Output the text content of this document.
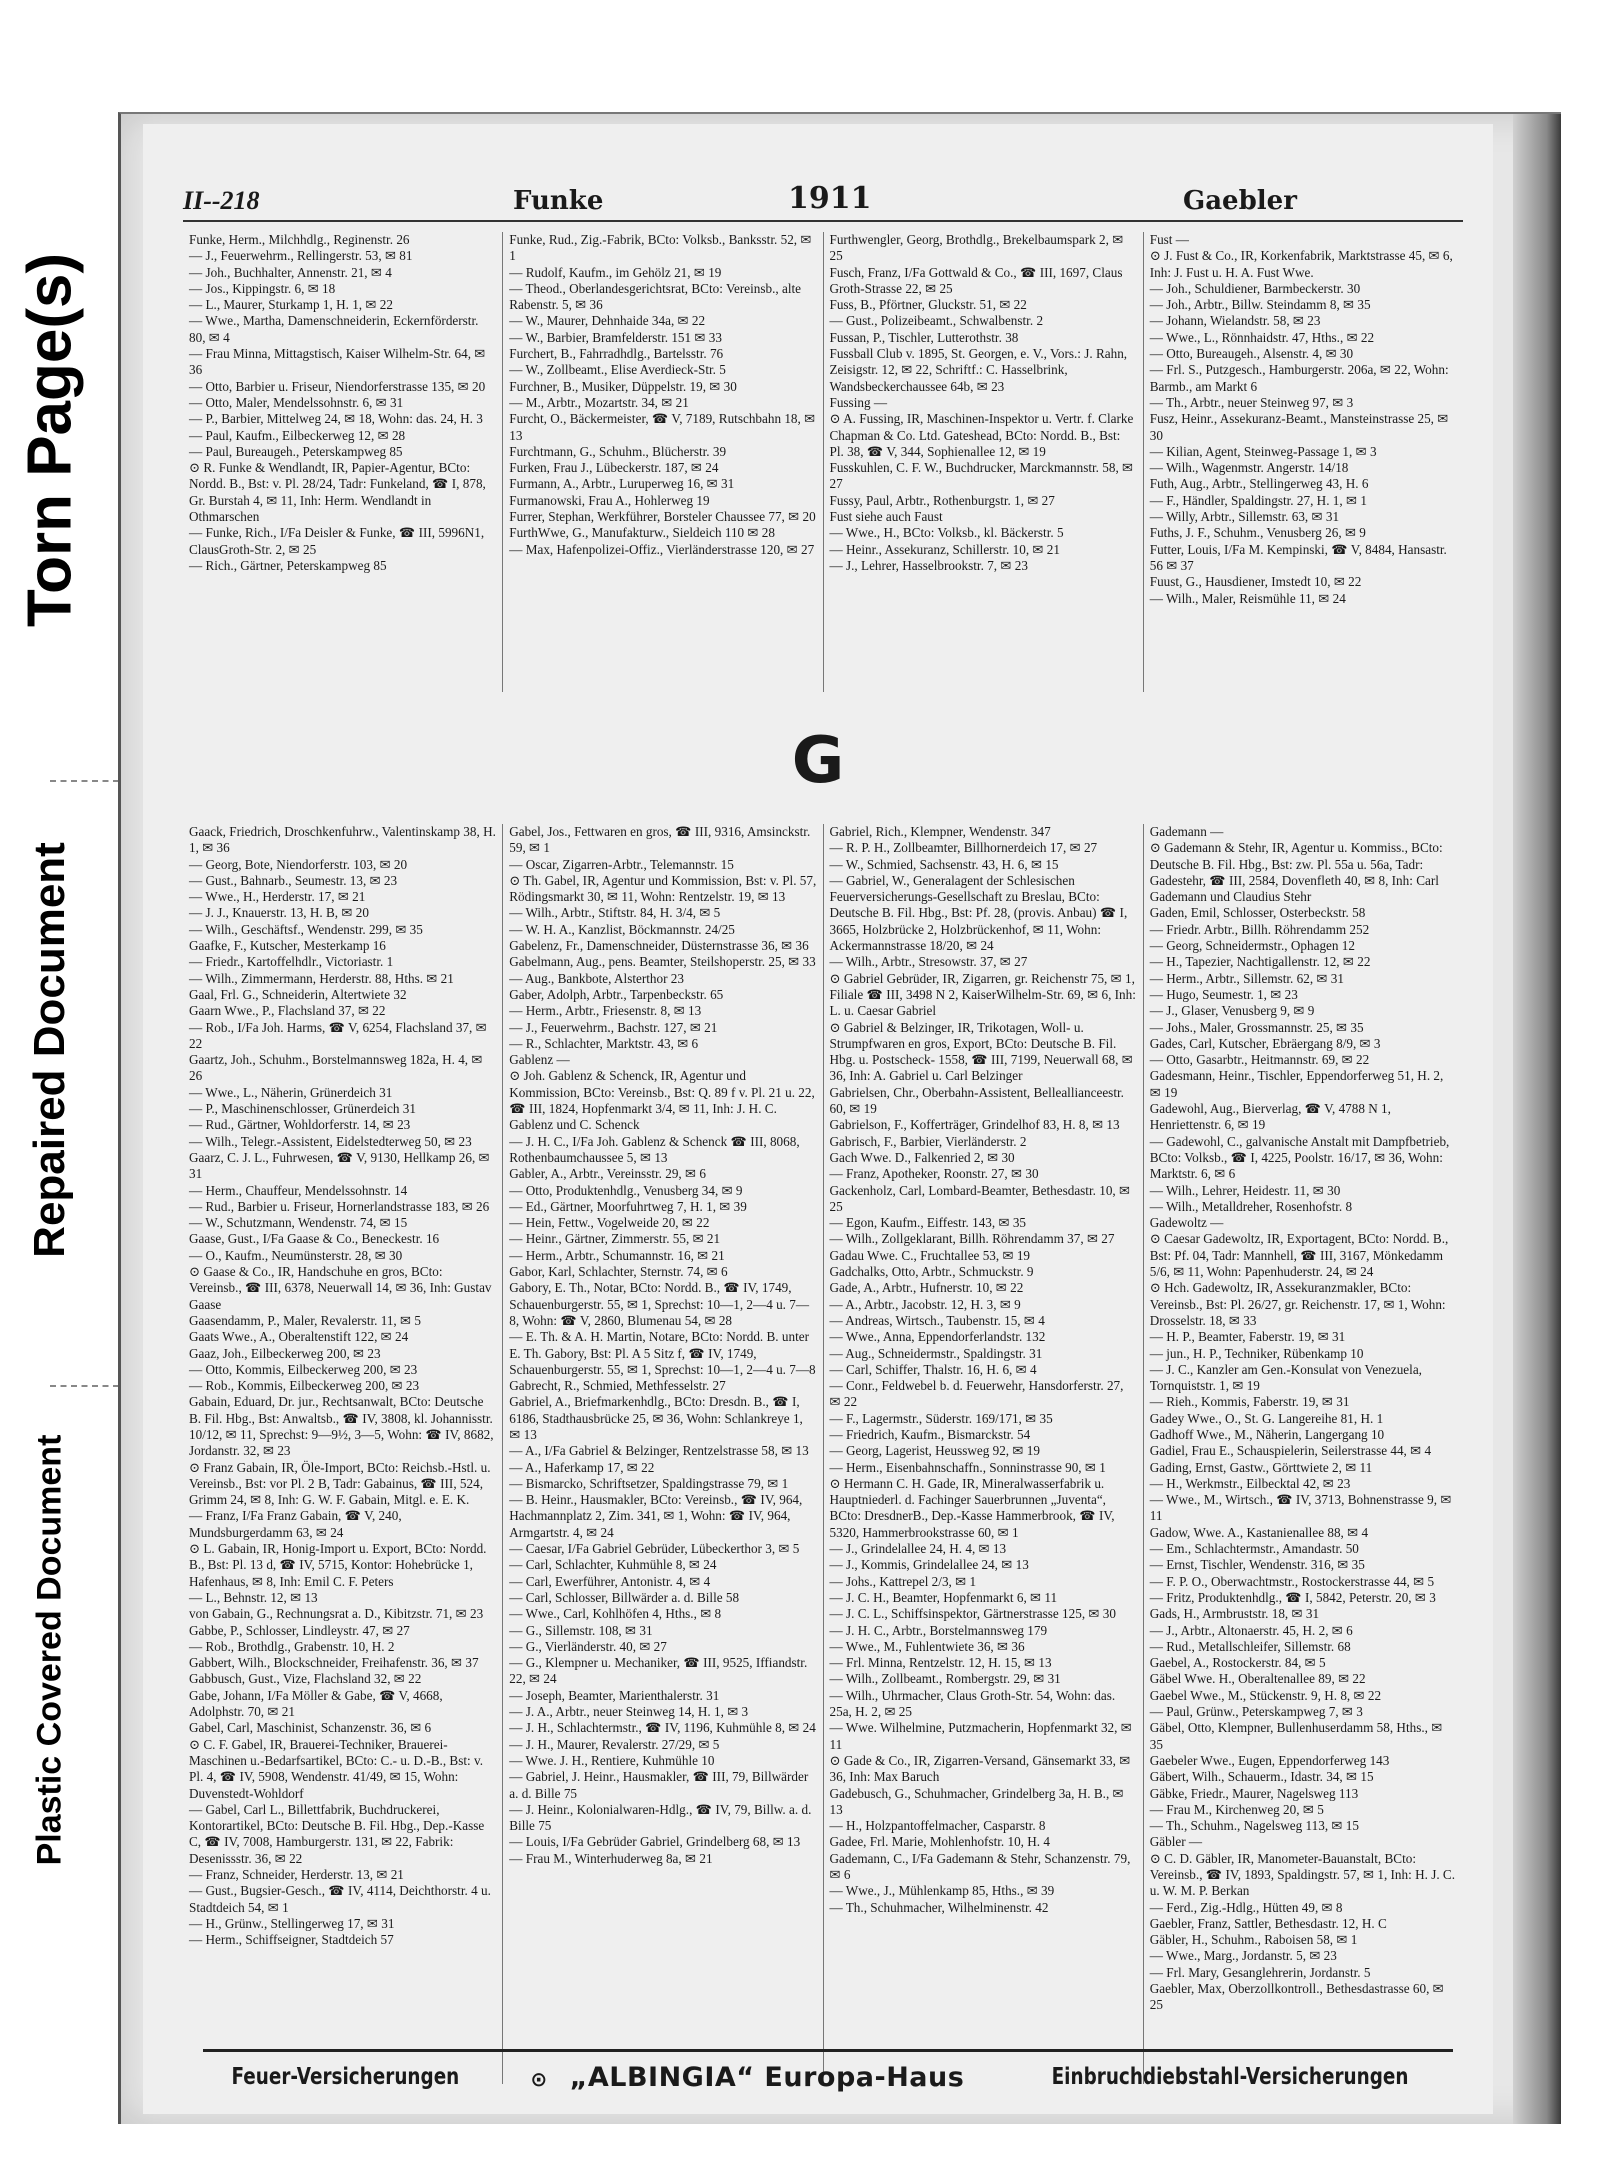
Torn Page(s)
Repaired Document
Plastic Covered Document
II--218	Funke	1911	Gaebler

Funke, Herm., Milchhdlg., Reginenstr. 26

— J., Feuerwehrm., Rellingerstr. 53, ✉ 81

— Joh., Buchhalter, Annenstr. 21, ✉ 4

— Jos., Kippingstr. 6, ✉ 18

— L., Maurer, Sturkamp 1, H. 1, ✉ 22

— Wwe., Martha, Damenschneiderin, Eckernförderstr. 80, ✉ 4

— Frau Minna, Mittagstisch, Kaiser Wilhelm-Str. 64, ✉ 36

— Otto, Barbier u. Friseur, Niendorferstrasse 135, ✉ 20

— Otto, Maler, Mendelssohnstr. 6, ✉ 31

— P., Barbier, Mittelweg 24, ✉ 18, Wohn: das. 24, H. 3

— Paul, Kaufm., Eilbeckerweg 12, ✉ 28

— Paul, Bureaugeh., Peterskampweg 85

⊙ R. Funke & Wendlandt, IR, Papier-Agentur, BCto: Nordd. B., Bst: v. Pl. 28/24, Tadr: Funkeland, ☎ I, 878, Gr. Burstah 4, ✉ 11, Inh: Herm. Wendlandt in Othmarschen

— Funke, Rich., I/Fa Deisler & Funke, ☎ III, 5996N1, ClausGroth-Str. 2, ✉ 25

— Rich., Gärtner, Peterskampweg 85

Funke, Rud., Zig.-Fabrik, BCto: Volksb., Banksstr. 52, ✉ 1

— Rudolf, Kaufm., im Gehölz 21, ✉ 19

— Theod., Oberlandesgerichtsrat, BCto: Vereinsb., alte Rabenstr. 5, ✉ 36

— W., Maurer, Dehnhaide 34a, ✉ 22

— W., Barbier, Bramfelderstr. 151 ✉ 33

Furchert, B., Fahrradhdlg., Bartelsstr. 76

— W., Zollbeamt., Elise Averdieck-Str. 5

Furchner, B., Musiker, Düppelstr. 19, ✉ 30

— M., Arbtr., Mozartstr. 34, ✉ 21

Furcht, O., Bäckermeister, ☎ V, 7189, Rutschbahn 18, ✉ 13

Furchtmann, G., Schuhm., Blücherstr. 39

Furken, Frau J., Lübeckerstr. 187, ✉ 24

Furmann, A., Arbtr., Luruperweg 16, ✉ 31

Furmanowski, Frau A., Hohlerweg 19

Furrer, Stephan, Werkführer, Borsteler Chaussee 77, ✉ 20

FurthWwe, G., Manufakturw., Sieldeich 110 ✉ 28

— Max, Hafenpolizei-Offiz., Vierländerstrasse 120, ✉ 27

Furthwengler, Georg, Brothdlg., Brekelbaumspark 2, ✉ 25

Fusch, Franz, I/Fa Gottwald & Co., ☎ III, 1697, Claus Groth-Strasse 22, ✉ 25

Fuss, B., Pförtner, Gluckstr. 51, ✉ 22

— Gust., Polizeibeamt., Schwalbenstr. 2

Fussan, P., Tischler, Lutterothstr. 38

Fussball Club v. 1895, St. Georgen, e. V., Vors.: J. Rahn, Zeisigstr. 12, ✉ 22, Schriftf.: C. Hasselbrink, Wandsbeckerchaussee 64b, ✉ 23

Fussing —

⊙ A. Fussing, IR, Maschinen-Inspektor u. Vertr. f. Clarke Chapman & Co. Ltd. Gateshead, BCto: Nordd. B., Bst: Pl. 38, ☎ V, 344, Sophienallee 12, ✉ 19

Fusskuhlen, C. F. W., Buchdrucker, Marckmannstr. 58, ✉ 27

Fussy, Paul, Arbtr., Rothenburgstr. 1, ✉ 27

Fust siehe auch Faust

— Wwe., H., BCto: Volksb., kl. Bäckerstr. 5

— Heinr., Assekuranz, Schillerstr. 10, ✉ 21

— J., Lehrer, Hasselbrookstr. 7, ✉ 23

Fust —

⊙ J. Fust & Co., IR, Korkenfabrik, Marktstrasse 45, ✉ 6, Inh: J. Fust u. H. A. Fust Wwe.

— Joh., Schuldiener, Barmbeckerstr. 30

— Joh., Arbtr., Billw. Steindamm 8, ✉ 35

— Johann, Wielandstr. 58, ✉ 23

— Wwe., L., Rönnhaidstr. 47, Hths., ✉ 22

— Otto, Bureaugeh., Alsenstr. 4, ✉ 30

— Frl. S., Putzgesch., Hamburgerstr. 206a, ✉ 22, Wohn: Barmb., am Markt 6

— Th., Arbtr., neuer Steinweg 97, ✉ 3

Fusz, Heinr., Assekuranz-Beamt., Mansteinstrasse 25, ✉ 30

— Kilian, Agent, Steinweg-Passage 1, ✉ 3

— Wilh., Wagenmstr. Angerstr. 14/18

Futh, Aug., Arbtr., Stellingerweg 43, H. 6

— F., Händler, Spaldingstr. 27, H. 1, ✉ 1

— Willy, Arbtr., Sillemstr. 63, ✉ 31

Fuths, J. F., Schuhm., Venusberg 26, ✉ 9

Futter, Louis, I/Fa M. Kempinski, ☎ V, 8484, Hansastr. 56 ✉ 37

Fuust, G., Hausdiener, Imstedt 10, ✉ 22

— Wilh., Maler, Reismühle 11, ✉ 24

G

Gaack, Friedrich, Droschkenfuhrw., Valentinskamp 38, H. 1, ✉ 36

— Georg, Bote, Niendorferstr. 103, ✉ 20

— Gust., Bahnarb., Seumestr. 13, ✉ 23

— Wwe., H., Herderstr. 17, ✉ 21

— J. J., Knauerstr. 13, H. B, ✉ 20

— Wilh., Geschäftsf., Wendenstr. 299, ✉ 35

Gaafke, F., Kutscher, Mesterkamp 16

— Friedr., Kartoffelhdlr., Victoriastr. 1

— Wilh., Zimmermann, Herderstr. 88, Hths. ✉ 21

Gaal, Frl. G., Schneiderin, Altertwiete 32

Gaarn Wwe., P., Flachsland 37, ✉ 22

— Rob., I/Fa Joh. Harms, ☎ V, 6254, Flachsland 37, ✉ 22

Gaartz, Joh., Schuhm., Borstelmannsweg 182a, H. 4, ✉ 26

— Wwe., L., Näherin, Grünerdeich 31

— P., Maschinenschlosser, Grünerdeich 31

— Rud., Gärtner, Wohldorferstr. 14, ✉ 23

— Wilh., Telegr.-Assistent, Eidelstedterweg 50, ✉ 23

Gaarz, C. J. L., Fuhrwesen, ☎ V, 9130, Hellkamp 26, ✉ 31

— Herm., Chauffeur, Mendelssohnstr. 14

— Rud., Barbier u. Friseur, Hornerlandstrasse 183, ✉ 26

— W., Schutzmann, Wendenstr. 74, ✉ 15

Gaase, Gust., I/Fa Gaase & Co., Beneckestr. 16

— O., Kaufm., Neumünsterstr. 28, ✉ 30

⊙ Gaase & Co., IR, Handschuhe en gros, BCto: Vereinsb., ☎ III, 6378, Neuerwall 14, ✉ 36, Inh: Gustav Gaase

Gaasendamm, P., Maler, Revalerstr. 11, ✉ 5

Gaats Wwe., A., Oberaltenstift 122, ✉ 24

Gaaz, Joh., Eilbeckerweg 200, ✉ 23

— Otto, Kommis, Eilbeckerweg 200, ✉ 23

— Rob., Kommis, Eilbeckerweg 200, ✉ 23

Gabain, Eduard, Dr. jur., Rechtsanwalt, BCto: Deutsche B. Fil. Hbg., Bst: Anwaltsb., ☎ IV, 3808, kl. Johannisstr. 10/12, ✉ 11, Sprechst: 9—9½, 3—5, Wohn: ☎ IV, 8682, Jordanstr. 32, ✉ 23

⊙ Franz Gabain, IR, Öle-Import, BCto: Reichsb.-Hstl. u. Vereinsb., Bst: vor Pl. 2 B, Tadr: Gabainus, ☎ III, 524, Grimm 24, ✉ 8, Inh: G. W. F. Gabain, Mitgl. e. E. K.

— Franz, I/Fa Franz Gabain, ☎ V, 240, Mundsburgerdamm 63, ✉ 24

⊙ L. Gabain, IR, Honig-Import u. Export, BCto: Nordd. B., Bst: Pl. 13 d, ☎ IV, 5715, Kontor: Hohebrücke 1, Hafenhaus, ✉ 8, Inh: Emil C. F. Peters

— L., Behnstr. 12, ✉ 13

von Gabain, G., Rechnungsrat a. D., Kibitzstr. 71, ✉ 23

Gabbe, P., Schlosser, Lindleystr. 47, ✉ 27

— Rob., Brothdlg., Grabenstr. 10, H. 2

Gabbert, Wilh., Blockschneider, Freihafenstr. 36, ✉ 37

Gabbusch, Gust., Vize, Flachsland 32, ✉ 22

Gabe, Johann, I/Fa Möller & Gabe, ☎ V, 4668, Adolphstr. 70, ✉ 21

Gabel, Carl, Maschinist, Schanzenstr. 36, ✉ 6

⊙ C. F. Gabel, IR, Brauerei-Techniker, Brauerei-Maschinen u.-Bedarfsartikel, BCto: C.- u. D.-B., Bst: v. Pl. 4, ☎ IV, 5908, Wendenstr. 41/49, ✉ 15, Wohn: Duvenstedt-Wohldorf

— Gabel, Carl L., Billettfabrik, Buchdruckerei, Kontorartikel, BCto: Deutsche B. Fil. Hbg., Dep.-Kasse C, ☎ IV, 7008, Hamburgerstr. 131, ✉ 22, Fabrik: Desenissstr. 36, ✉ 22

— Franz, Schneider, Herderstr. 13, ✉ 21

— Gust., Bugsier-Gesch., ☎ IV, 4114, Deichthorstr. 4 u. Stadtdeich 54, ✉ 1

— H., Grünw., Stellingerweg 17, ✉ 31

— Herm., Schiffseigner, Stadtdeich 57

Gabel, Jos., Fettwaren en gros, ☎ III, 9316, Amsinckstr. 59, ✉ 1

— Oscar, Zigarren-Arbtr., Telemannstr. 15

⊙ Th. Gabel, IR, Agentur und Kommission, Bst: v. Pl. 57, Rödingsmarkt 30, ✉ 11, Wohn: Rentzelstr. 19, ✉ 13

— Wilh., Arbtr., Stiftstr. 84, H. 3/4, ✉ 5

— W. H. A., Kanzlist, Böckmannstr. 24/25

Gabelenz, Fr., Damenschneider, Düsternstrasse 36, ✉ 36

Gabelmann, Aug., pens. Beamter, Steilshoperstr. 25, ✉ 33

— Aug., Bankbote, Alsterthor 23

Gaber, Adolph, Arbtr., Tarpenbeckstr. 65

— Herm., Arbtr., Friesenstr. 8, ✉ 13

— J., Feuerwehrm., Bachstr. 127, ✉ 21

— R., Schlachter, Marktstr. 43, ✉ 6

Gablenz —

⊙ Joh. Gablenz & Schenck, IR, Agentur und Kommission, BCto: Vereinsb., Bst: Q. 89 f v. Pl. 21 u. 22, ☎ III, 1824, Hopfenmarkt 3/4, ✉ 11, Inh: J. H. C. Gablenz und C. Schenck

— J. H. C., I/Fa Joh. Gablenz & Schenck ☎ III, 8068, Rothenbaumchaussee 5, ✉ 13

Gabler, A., Arbtr., Vereinsstr. 29, ✉ 6

— Otto, Produktenhdlg., Venusberg 34, ✉ 9

— Ed., Gärtner, Moorfuhrtweg 7, H. 1, ✉ 39

— Hein, Fettw., Vogelweide 20, ✉ 22

— Heinr., Gärtner, Zimmerstr. 55, ✉ 21

— Herm., Arbtr., Schumannstr. 16, ✉ 21

Gabor, Karl, Schlachter, Sternstr. 74, ✉ 6

Gabory, E. Th., Notar, BCto: Nordd. B., ☎ IV, 1749, Schauenburgerstr. 55, ✉ 1, Sprechst: 10—1, 2—4 u. 7—8, Wohn: ☎ V, 2860, Blumenau 54, ✉ 28

— E. Th. & A. H. Martin, Notare, BCto: Nordd. B. unter E. Th. Gabory, Bst: Pl. A 5 Sitz f, ☎ IV, 1749, Schauenburgerstr. 55, ✉ 1, Sprechst: 10—1, 2—4 u. 7—8

Gabrecht, R., Schmied, Methfesselstr. 27

Gabriel, A., Briefmarkenhdlg., BCto: Dresdn. B., ☎ I, 6186, Stadthausbrücke 25, ✉ 36, Wohn: Schlankreye 1, ✉ 13

— A., I/Fa Gabriel & Belzinger, Rentzelstrasse 58, ✉ 13

— A., Haferkamp 17, ✉ 22

— Bismarcko, Schriftsetzer, Spaldingstrasse 79, ✉ 1

— B. Heinr., Hausmakler, BCto: Vereinsb., ☎ IV, 964, Hachmannplatz 2, Zim. 341, ✉ 1, Wohn: ☎ IV, 964, Armgartstr. 4, ✉ 24

— Caesar, I/Fa Gabriel Gebrüder, Lübeckerthor 3, ✉ 5

— Carl, Schlachter, Kuhmühle 8, ✉ 24

— Carl, Ewerführer, Antonistr. 4, ✉ 4

— Carl, Schlosser, Billwärder a. d. Bille 58

— Wwe., Carl, Kohlhöfen 4, Hths., ✉ 8

— G., Sillemstr. 108, ✉ 31

— G., Vierländerstr. 40, ✉ 27

— G., Klempner u. Mechaniker, ☎ III, 9525, Iffiandstr. 22, ✉ 24

— Joseph, Beamter, Marienthalerstr. 31

— J. A., Arbtr., neuer Steinweg 14, H. 1, ✉ 3

— J. H., Schlachtermstr., ☎ IV, 1196, Kuhmühle 8, ✉ 24

— J. H., Maurer, Revalerstr. 27/29, ✉ 5

— Wwe. J. H., Rentiere, Kuhmühle 10

— Gabriel, J. Heinr., Hausmakler, ☎ III, 79, Billwärder a. d. Bille 75

— J. Heinr., Kolonialwaren-Hdlg., ☎ IV, 79, Billw. a. d. Bille 75

— Louis, I/Fa Gebrüder Gabriel, Grindelberg 68, ✉ 13

— Frau M., Winterhuderweg 8a, ✉ 21

Gabriel, Rich., Klempner, Wendenstr. 347

— R. P. H., Zollbeamter, Billhornerdeich 17, ✉ 27

— W., Schmied, Sachsenstr. 43, H. 6, ✉ 15

— Gabriel, W., Generalagent der Schlesischen Feuerversicherungs-Gesellschaft zu Breslau, BCto: Deutsche B. Fil. Hbg., Bst: Pf. 28, (provis. Anbau) ☎ I, 3665, Holzbrücke 2, Holzbrückenhof, ✉ 11, Wohn: Ackermannstrasse 18/20, ✉ 24

— Wilh., Arbtr., Stresowstr. 37, ✉ 27

⊙ Gabriel Gebrüder, IR, Zigarren, gr. Reichenstr 75, ✉ 1, Filiale ☎ III, 3498 N 2, KaiserWilhelm-Str. 69, ✉ 6, Inh: L. u. Caesar Gabriel

⊙ Gabriel & Belzinger, IR, Trikotagen, Woll- u. Strumpfwaren en gros, Export, BCto: Deutsche B. Fil. Hbg. u. Postscheck- 1558, ☎ III, 7199, Neuerwall 68, ✉ 36, Inh: A. Gabriel u. Carl Belzinger

Gabrielsen, Chr., Oberbahn-Assistent, Belleallianceestr. 60, ✉ 19

Gabrielson, F., Kofferträger, Grindelhof 83, H. 8, ✉ 13

Gabrisch, F., Barbier, Vierländerstr. 2

Gach Wwe. D., Falkenried 2, ✉ 30

— Franz, Apotheker, Roonstr. 27, ✉ 30

Gackenholz, Carl, Lombard-Beamter, Bethesdastr. 10, ✉ 25

— Egon, Kaufm., Eiffestr. 143, ✉ 35

— Wilh., Zollgeklarant, Billh. Röhrendamm 37, ✉ 27

Gadau Wwe. C., Fruchtallee 53, ✉ 19

Gadchalks, Otto, Arbtr., Schmuckstr. 9

Gade, A., Arbtr., Hufnerstr. 10, ✉ 22

— A., Arbtr., Jacobstr. 12, H. 3, ✉ 9

— Andreas, Wirtsch., Taubenstr. 15, ✉ 4

— Wwe., Anna, Eppendorferlandstr. 132

— Aug., Schneidermstr., Spaldingstr. 31

— Carl, Schiffer, Thalstr. 16, H. 6, ✉ 4

— Conr., Feldwebel b. d. Feuerwehr, Hansdorferstr. 27, ✉ 22

— F., Lagermstr., Süderstr. 169/171, ✉ 35

— Friedrich, Kaufm., Bismarckstr. 54

— Georg, Lagerist, Heussweg 92, ✉ 19

— Herm., Eisenbahnschaffn., Sonninstrasse 90, ✉ 1

⊙ Hermann C. H. Gade, IR, Mineralwasserfabrik u. Hauptniederl. d. Fachinger Sauerbrunnen „Juventa“, BCto: DresdnerB., Dep.-Kasse Hammerbrook, ☎ IV, 5320, Hammerbrookstrasse 60, ✉ 1

— J., Grindelallee 24, H. 4, ✉ 13

— J., Kommis, Grindelallee 24, ✉ 13

— Johs., Kattrepel 2/3, ✉ 1

— J. C. H., Beamter, Hopfenmarkt 6, ✉ 11

— J. C. L., Schiffsinspektor, Gärtnerstrasse 125, ✉ 30

— J. H. C., Arbtr., Borstelmannsweg 179

— Wwe., M., Fuhlentwiete 36, ✉ 36

— Frl. Minna, Rentzelstr. 12, H. 15, ✉ 13

— Wilh., Zollbeamt., Rombergstr. 29, ✉ 31

— Wilh., Uhrmacher, Claus Groth-Str. 54, Wohn: das. 25a, H. 2, ✉ 25

— Wwe. Wilhelmine, Putzmacherin, Hopfenmarkt 32, ✉ 11

⊙ Gade & Co., IR, Zigarren-Versand, Gänsemarkt 33, ✉ 36, Inh: Max Baruch

Gadebusch, G., Schuhmacher, Grindelberg 3a, H. B., ✉ 13

— H., Holzpantoffelmacher, Casparstr. 8

Gadee, Frl. Marie, Mohlenhofstr. 10, H. 4

Gademann, C., I/Fa Gademann & Stehr, Schanzenstr. 79, ✉ 6

— Wwe., J., Mühlenkamp 85, Hths., ✉ 39

— Th., Schuhmacher, Wilhelminenstr. 42

Gademann —

⊙ Gademann & Stehr, IR, Agentur u. Kommiss., BCto: Deutsche B. Fil. Hbg., Bst: zw. Pl. 55a u. 56a, Tadr: Gadestehr, ☎ III, 2584, Dovenfleth 40, ✉ 8, Inh: Carl Gademann und Claudius Stehr

Gaden, Emil, Schlosser, Osterbeckstr. 58

— Friedr. Arbtr., Billh. Röhrendamm 252

— Georg, Schneidermstr., Ophagen 12

— H., Tapezier, Nachtigallenstr. 12, ✉ 22

— Herm., Arbtr., Sillemstr. 62, ✉ 31

— Hugo, Seumestr. 1, ✉ 23

— J., Glaser, Venusberg 9, ✉ 9

— Johs., Maler, Grossmannstr. 25, ✉ 35

Gades, Carl, Kutscher, Ebräergang 8/9, ✉ 3

— Otto, Gasarbtr., Heitmannstr. 69, ✉ 22

Gadesmann, Heinr., Tischler, Eppendorferweg 51, H. 2, ✉ 19

Gadewohl, Aug., Bierverlag, ☎ V, 4788 N 1, Henriettenstr. 6, ✉ 19

— Gadewohl, C., galvanische Anstalt mit Dampfbetrieb, BCto: Volksb., ☎ I, 4225, Poolstr. 16/17, ✉ 36, Wohn: Marktstr. 6, ✉ 6

— Wilh., Lehrer, Heidestr. 11, ✉ 30

— Wilh., Metalldreher, Rosenhofstr. 8

Gadewoltz —

⊙ Caesar Gadewoltz, IR, Exportagent, BCto: Nordd. B., Bst: Pf. 04, Tadr: Mannhell, ☎ III, 3167, Mönkedamm 5/6, ✉ 11, Wohn: Papenhuderstr. 24, ✉ 24

⊙ Hch. Gadewoltz, IR, Assekuranzmakler, BCto: Vereinsb., Bst: Pl. 26/27, gr. Reichenstr. 17, ✉ 1, Wohn: Drosselstr. 18, ✉ 33

— H. P., Beamter, Faberstr. 19, ✉ 31

— jun., H. P., Techniker, Rübenkamp 10

— J. C., Kanzler am Gen.-Konsulat von Venezuela, Tornquiststr. 1, ✉ 19

— Rieh., Kommis, Faberstr. 19, ✉ 31

Gadey Wwe., O., St. G. Langereihe 81, H. 1

Gadhoff Wwe., M., Näherin, Langergang 10

Gadiel, Frau E., Schauspielerin, Seilerstrasse 44, ✉ 4

Gading, Ernst, Gastw., Görttwiete 2, ✉ 11

— H., Werkmstr., Eilbecktal 42, ✉ 23

— Wwe., M., Wirtsch., ☎ IV, 3713, Bohnenstrasse 9, ✉ 11

Gadow, Wwe. A., Kastanienallee 88, ✉ 4

— Em., Schlachtermstr., Amandastr. 50

— Ernst, Tischler, Wendenstr. 316, ✉ 35

— F. P. O., Oberwachtmstr., Rostockerstrasse 44, ✉ 5

— Fritz, Produktenhdlg., ☎ I, 5842, Peterstr. 20, ✉ 3

Gads, H., Armbruststr. 18, ✉ 31

— J., Arbtr., Altonaerstr. 45, H. 2, ✉ 6

— Rud., Metallschleifer, Sillemstr. 68

Gaebel, A., Rostockerstr. 84, ✉ 5

Gäbel Wwe. H., Oberaltenallee 89, ✉ 22

Gaebel Wwe., M., Stückenstr. 9, H. 8, ✉ 22

— Paul, Grünw., Peterskampweg 7, ✉ 3

Gäbel, Otto, Klempner, Bullenhuserdamm 58, Hths., ✉ 35

Gaebeler Wwe., Eugen, Eppendorferweg 143

Gäbert, Wilh., Schauerm., Idastr. 34, ✉ 15

Gäbke, Friedr., Maurer, Nagelsweg 113

— Frau M., Kirchenweg 20, ✉ 5

— Th., Schuhm., Nagelsweg 113, ✉ 15

Gäbler —

⊙ C. D. Gäbler, IR, Manometer-Bauanstalt, BCto: Vereinsb., ☎ IV, 1893, Spaldingstr. 57, ✉ 1, Inh: H. J. C. u. W. M. P. Berkan

— Ferd., Zig.-Hdlg., Hütten 49, ✉ 8

Gaebler, Franz, Sattler, Bethesdastr. 12, H. C

Gäbler, H., Schuhm., Raboisen 58, ✉ 1

— Wwe., Marg., Jordanstr. 5, ✉ 23

— Frl. Mary, Gesanglehrerin, Jordanstr. 5

Gaebler, Max, Oberzollkontroll., Bethesdastrasse 60, ✉ 25

Feuer-Versicherungen	⊙ „ALBINGIA“ Europa-Haus	Einbruchdiebstahl-Versicherungen
